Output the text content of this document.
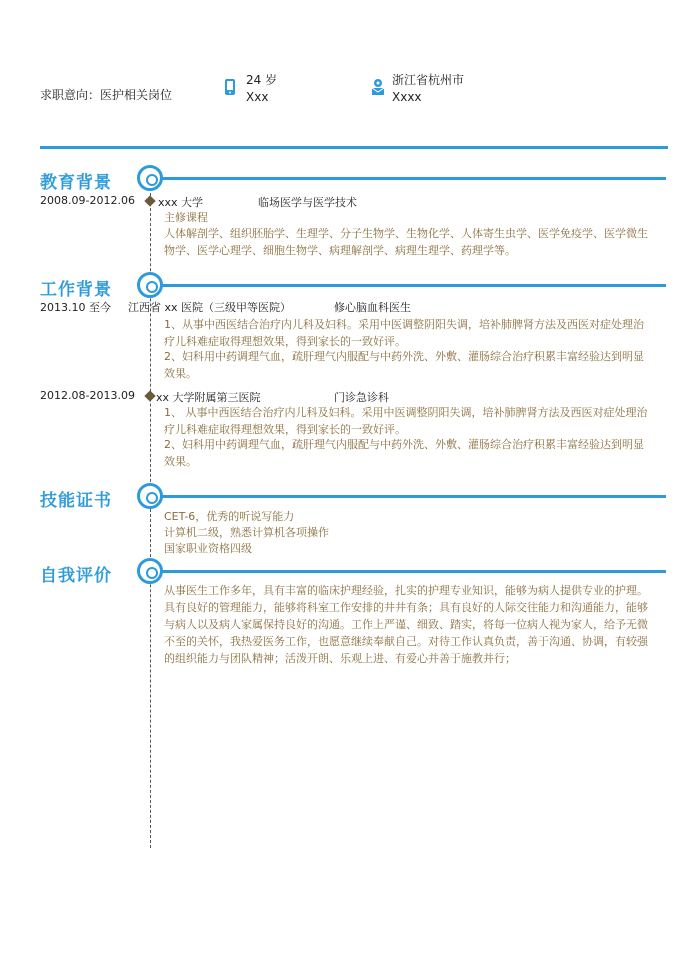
求职意向：医护相关岗位
24 岁
Xxx
浙江省杭州市
Xxxx
教育背景
2008.09-2012.06 xxx 大学	临场医学与医学技术
主修课程
人体解剖学、组织胚胎学、生理学、分子生物学、生物化学、人体寄生虫学、医学免疫学、医学微生物学、医学心理学、细胞生物学、病理解剖学、病理生理学、药理学等。
工作背景
2013.10 至今 江西省 xx 医院（三级甲等医院）	修心脑血科医生
1、从事中西医结合治疗内儿科及妇科。采用中医调整阴阳失调，培补肺脾肾方法及西医对症处理治疗儿科难症取得理想效果，得到家长的一致好评。
2、妇科用中药调理气血，疏肝理气内服配与中药外洗、外敷、灌肠综合治疗积累丰富经验达到明显效果。
2012.08-2013.09 xx 大学附属第三医院	门诊急诊科
1、 从事中西医结合治疗内儿科及妇科。采用中医调整阴阳失调，培补肺脾肾方法及西医对症处理治疗儿科难症取得理想效果，得到家长的一致好评。
2、妇科用中药调理气血，疏肝理气内服配与中药外洗、外敷、灌肠综合治疗积累丰富经验达到明显效果。
技能证书
CET-6，优秀的听说写能力
计算机二级，熟悉计算机各项操作
国家职业资格四级
自我评价
从事医生工作多年，具有丰富的临床护理经验，扎实的护理专业知识，能够为病人提供专业的护理。具有良好的管理能力，能够将科室工作安排的井井有条；具有良好的人际交往能力和沟通能力，能够与病人以及病人家属保持良好的沟通。工作上严谨、细致、踏实，将每一位病人视为家人，给予无微不至的关怀，我热爱医务工作，也愿意继续奉献自己。对待工作认真负责，善于沟通、协调，有较强的组织能力与团队精神；活泼开朗、乐观上进、有爱心并善于施教并行；
